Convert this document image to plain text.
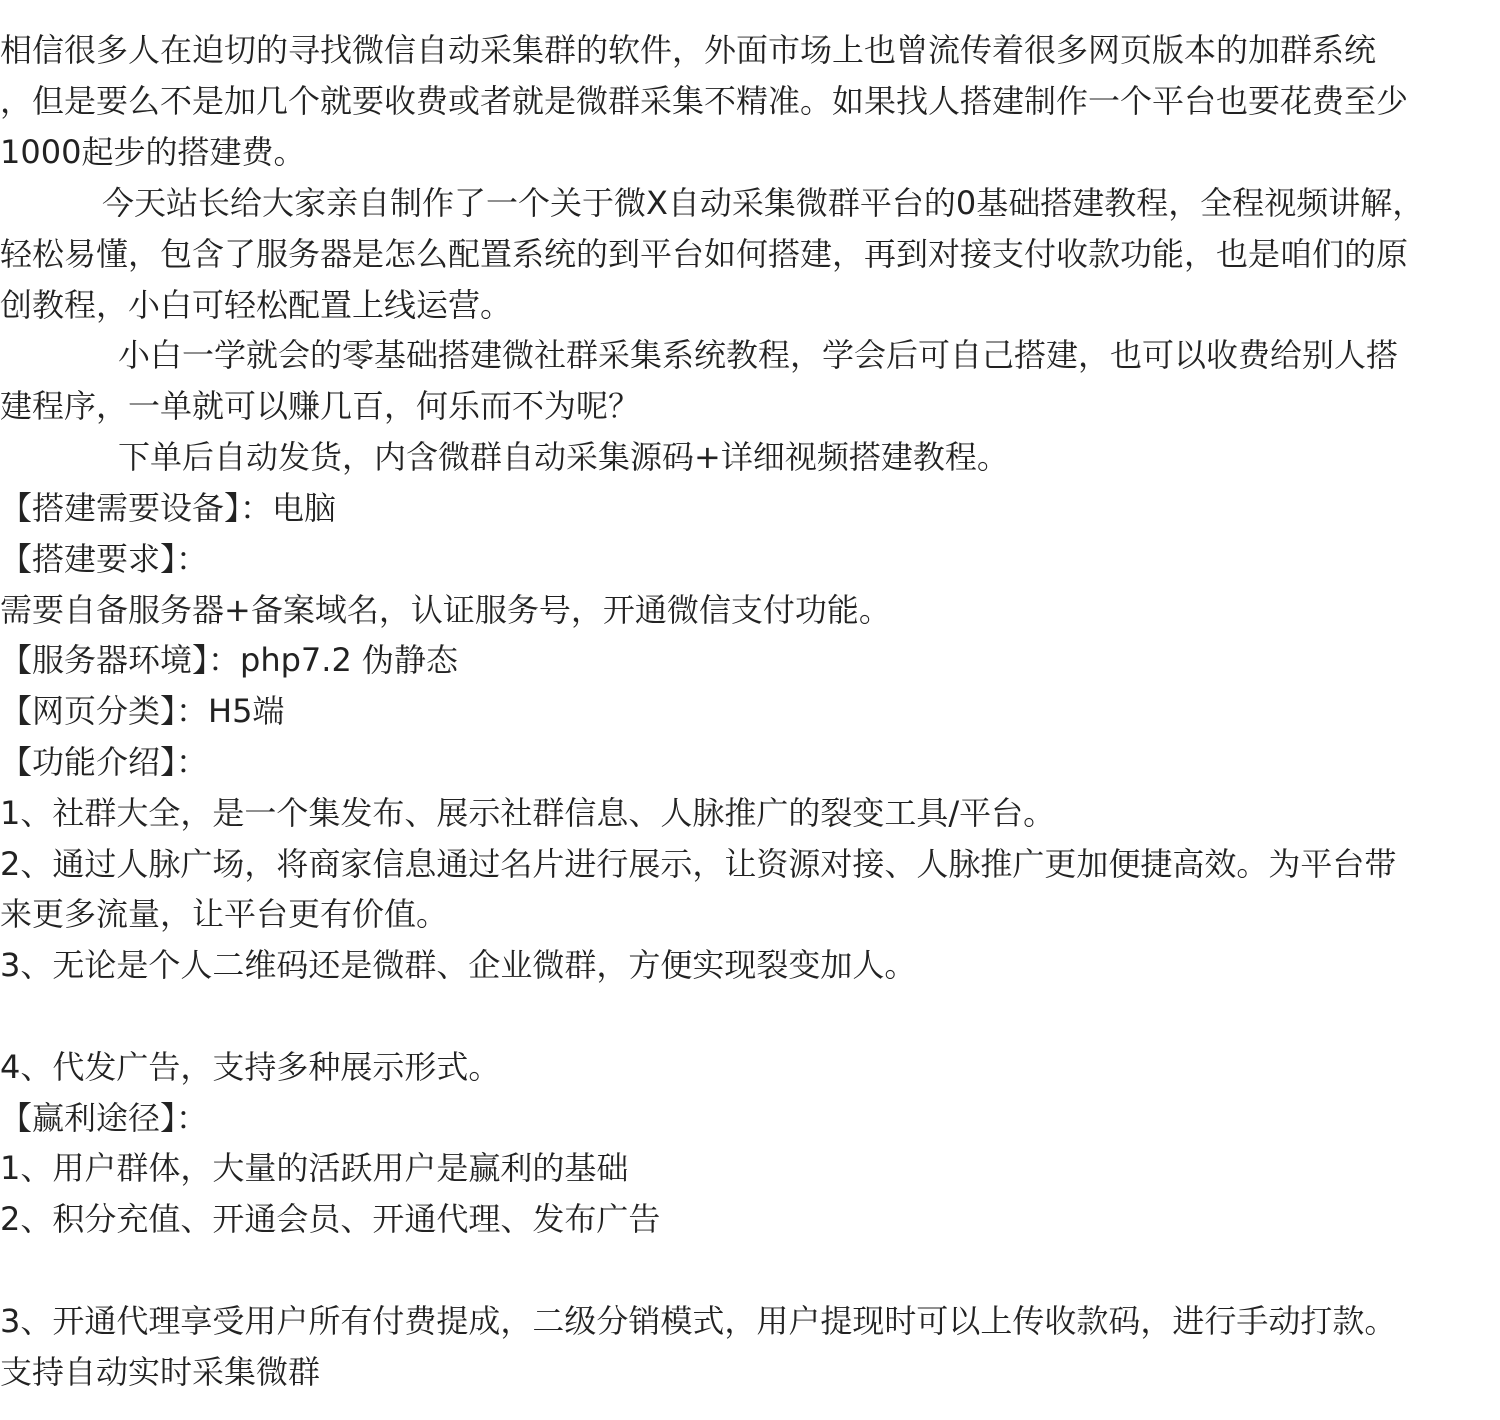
相信很多人在迫切的寻找微信自动采集群的软件，外面市场上也曾流传着很多网页版本的加群系统
，但是要么不是加几个就要收费或者就是微群采集不精准。如果找人搭建制作一个平台也要花费至少
1000起步的搭建费。
今天站长给大家亲自制作了一个关于微X自动采集微群平台的0基础搭建教程，全程视频讲解，
轻松易懂，包含了服务器是怎么配置系统的到平台如何搭建，再到对接支付收款功能，也是咱们的原
创教程，小白可轻松配置上线运营。
小白一学就会的零基础搭建微社群采集系统教程，学会后可自己搭建，也可以收费给别人搭
建程序，一单就可以赚几百，何乐而不为呢？
下单后自动发货，内含微群自动采集源码+详细视频搭建教程。
【搭建需要设备】：电脑
【搭建要求】：
需要自备服务器+备案域名，认证服务号，开通微信支付功能。
【服务器环境】：php7.2 伪静态
【网页分类】：H5端
【功能介绍】：
1、社群大全，是一个集发布、展示社群信息、人脉推广的裂变工具/平台。
2、通过人脉广场，将商家信息通过名片进行展示，让资源对接、人脉推广更加便捷高效。为平台带
来更多流量，让平台更有价值。
3、无论是个人二维码还是微群、企业微群，方便实现裂变加人。
4、代发广告，支持多种展示形式。
【赢利途径】：
1、用户群体，大量的活跃用户是赢利的基础
2、积分充值、开通会员、开通代理、发布广告
3、开通代理享受用户所有付费提成，二级分销模式，用户提现时可以上传收款码，进行手动打款。
支持自动实时采集微群
